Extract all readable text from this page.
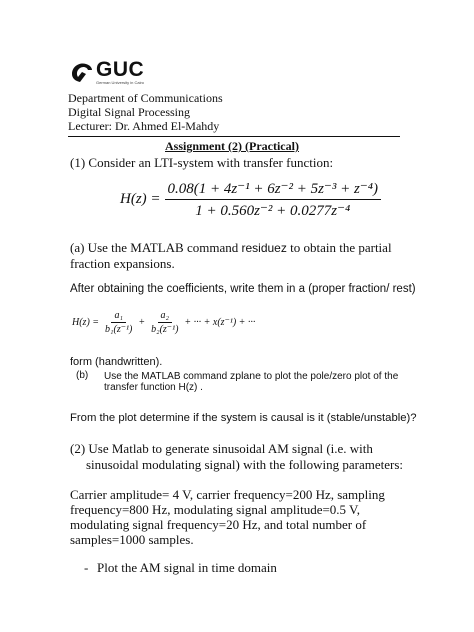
GUC
German University in Cairo
Department of Communications
Digital Signal Processing
Lecturer: Dr. Ahmed El-Mahdy
Assignment (2) (Practical)
(1) Consider an LTI-system with transfer function:
$H(z) = \frac{\text{0.08(1 + 4z⁻¹ + 6z⁻² + 5z⁻³ + z⁻⁴)}}{\text{1 + 0.560z⁻² + 0.0277z⁻⁴}}$
(a) Use the MATLAB command residuez to obtain the partial fraction expansions.
After obtaining the coefficients, write them in a (proper fraction/ rest)
$H(z) = \frac{\text{a₁}}{\text{b₁(z⁻¹)}} + \frac{\text{a₂}}{\text{b₂(z⁻¹)}}$ + ··· + x(z⁻¹) + ···
form (handwritten).
(b) Use the MATLAB command zplane to plot the pole/zero plot of the
transfer function H(z) .
From the plot determine if the system is causal is it (stable/unstable)?
(2) Use Matlab to generate sinusoidal AM signal (i.e. with
sinusoidal modulating signal) with the following parameters:
Carrier amplitude= 4 V, carrier frequency=200 Hz, sampling
frequency=800 Hz, modulating signal amplitude=0.5 V,
modulating signal frequency=20 Hz, and total number of
samples=1000 samples.
- Plot the AM signal in time domain
